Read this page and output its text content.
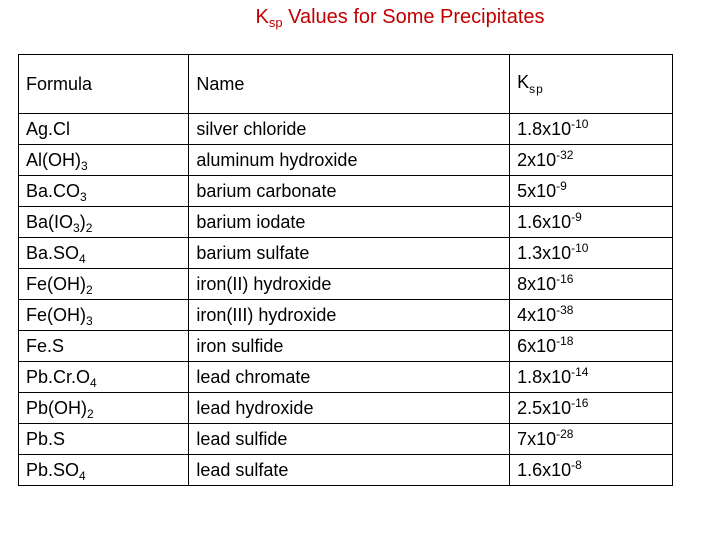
$K_{sp}$ Values for Some Precipitates
Formula	Name	$K_{sp}$
Ag.Cl	silver chloride	$1.8x10^{-10}$
$Al(OH)_3$	aluminum hydroxide	$2x10^{-32}$
$Ba.CO_3$	barium carbonate	$5x10^{-9}$
$Ba(IO_3)_2$	barium iodate	$1.6x10^{-9}$
$Ba.SO_4$	barium sulfate	$1.3x10^{-10}$
$Fe(OH)_2$	iron(II) hydroxide	$8x10^{-16}$
$Fe(OH)_3$	iron(III) hydroxide	$4x10^{-38}$
Fe.S	iron sulfide	$6x10^{-18}$
$Pb.Cr.O_4$	lead chromate	$1.8x10^{-14}$
$Pb(OH)_2$	lead hydroxide	$2.5x10^{-16}$
Pb.S	lead sulfide	$7x10^{-28}$
$Pb.SO_4$	lead sulfate	$1.6x10^{-8}$
